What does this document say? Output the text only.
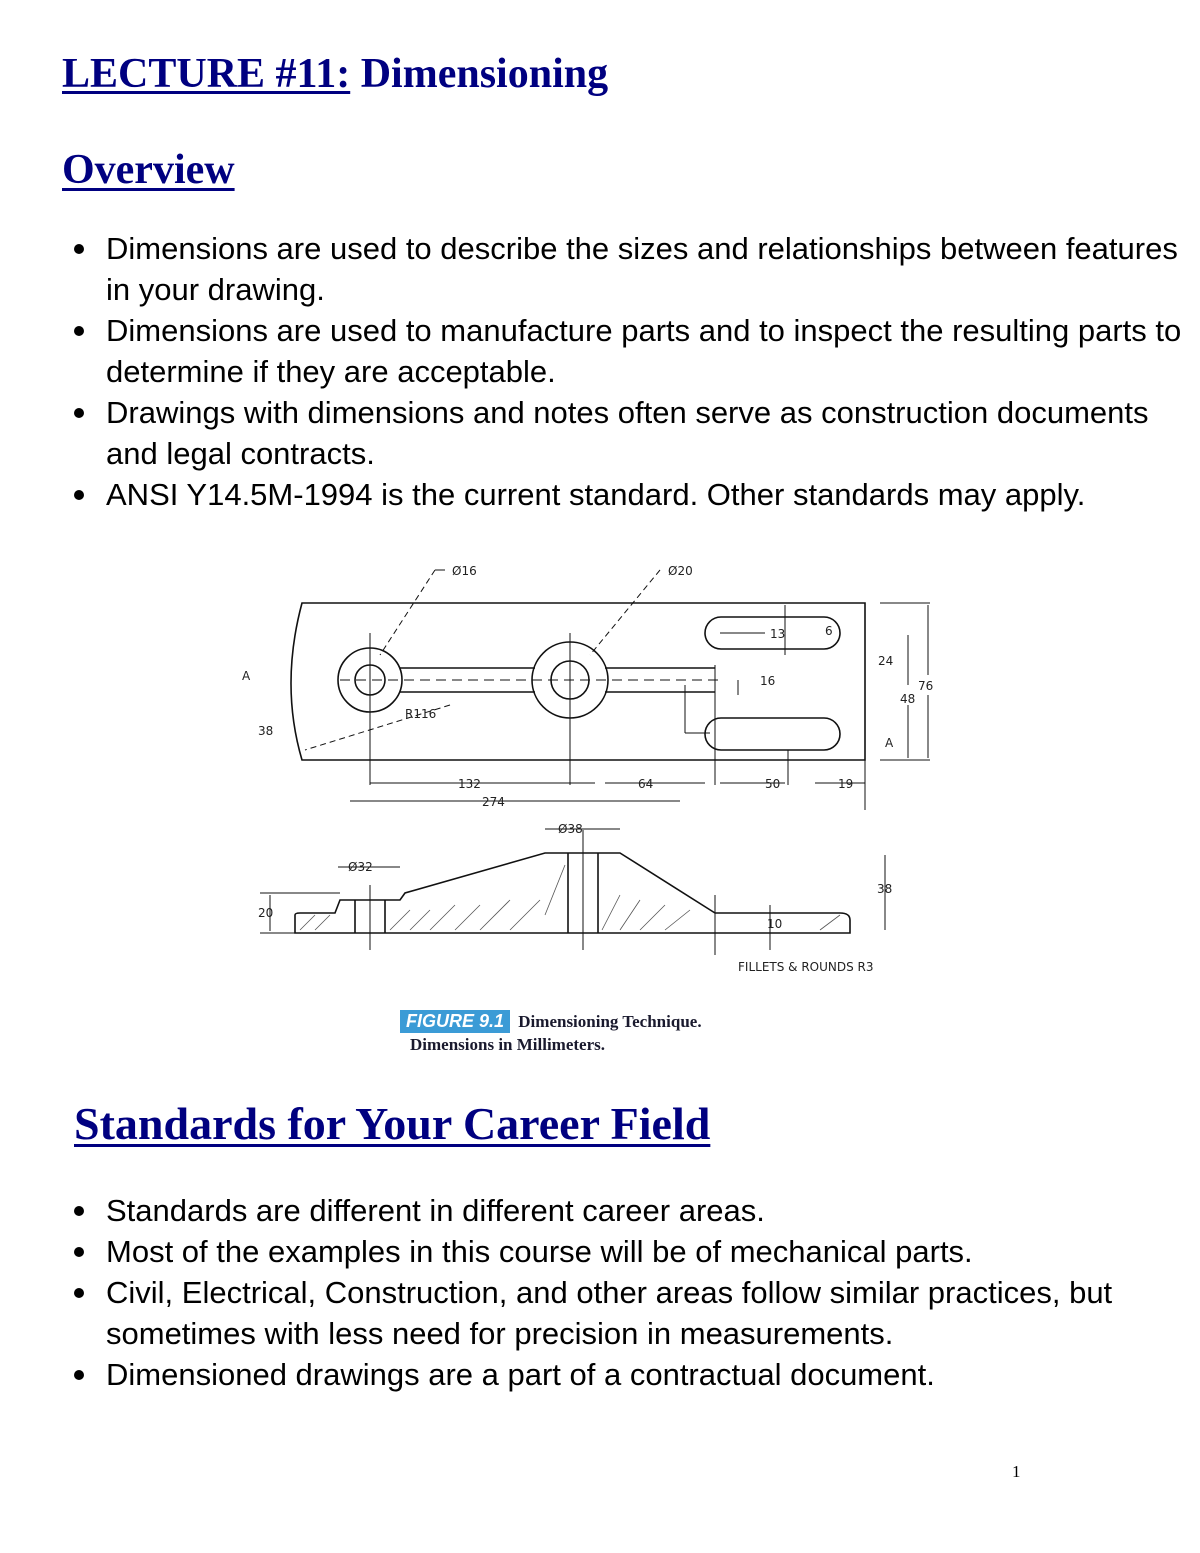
LECTURE #11: Dimensioning
Overview
Dimensions are used to describe the sizes and relationships between features in your drawing.
Dimensions are used to manufacture parts and to inspect the resulting parts to determine if they are acceptable.
Drawings with dimensions and notes often serve as construction documents and legal contracts.
ANSI Y14.5M-1994 is the current standard. Other standards may apply.
Ø16	Ø20
13	6
24
16	76
48
A
A
38
R116
132	64	50	19
274
Ø38
Ø32
38
20
10
FILLETS & ROUNDS R3
FIGURE 9.1 Dimensioning Technique.
Dimensions in Millimeters.
Standards for Your Career Field
Standards are different in different career areas.
Most of the examples in this course will be of mechanical parts.
Civil, Electrical, Construction, and other areas follow similar practices, but sometimes with less need for precision in measurements.
Dimensioned drawings are a part of a contractual document.
1
